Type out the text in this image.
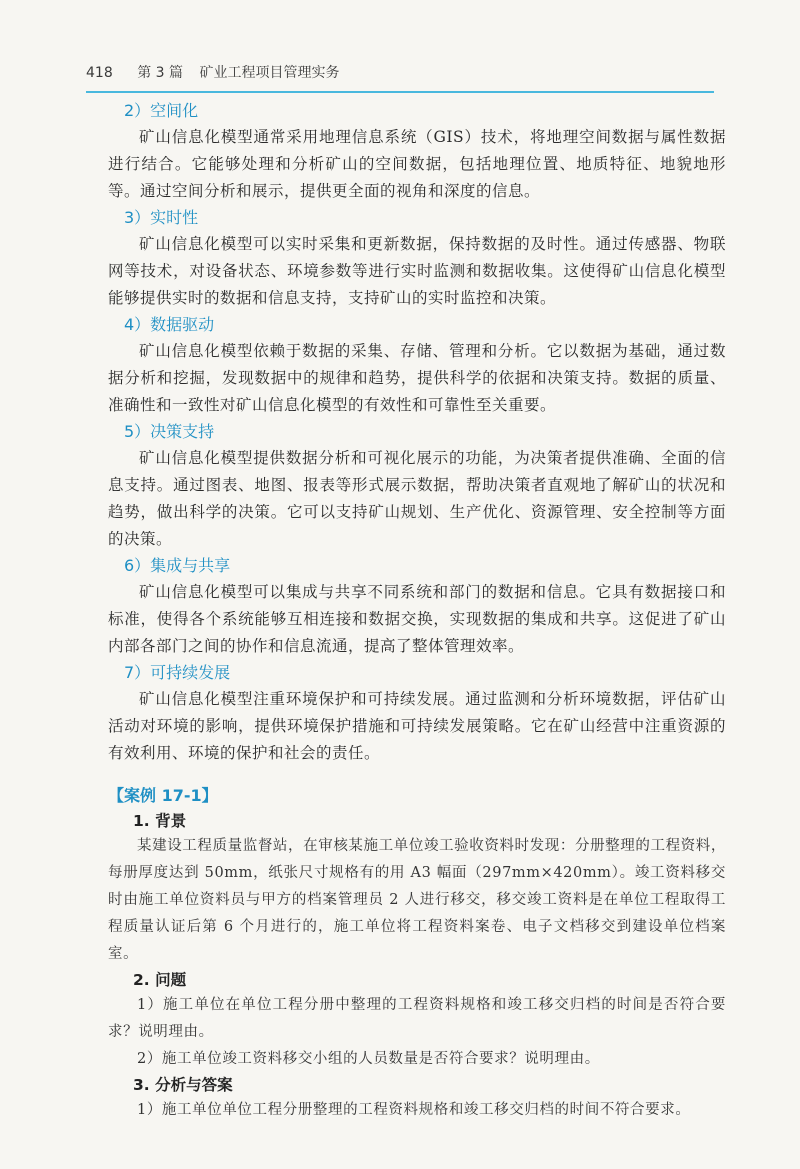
418 第 3 篇 矿业工程项目管理实务
2）空间化

矿山信息化模型通常采用地理信息系统（GIS）技术，将地理空间数据与属性数据进行结合。它能够处理和分析矿山的空间数据，包括地理位置、地质特征、地貌地形等。通过空间分析和展示，提供更全面的视角和深度的信息。

3）实时性

矿山信息化模型可以实时采集和更新数据，保持数据的及时性。通过传感器、物联网等技术，对设备状态、环境参数等进行实时监测和数据收集。这使得矿山信息化模型能够提供实时的数据和信息支持，支持矿山的实时监控和决策。

4）数据驱动

矿山信息化模型依赖于数据的采集、存储、管理和分析。它以数据为基础，通过数据分析和挖掘，发现数据中的规律和趋势，提供科学的依据和决策支持。数据的质量、准确性和一致性对矿山信息化模型的有效性和可靠性至关重要。

5）决策支持

矿山信息化模型提供数据分析和可视化展示的功能，为决策者提供准确、全面的信息支持。通过图表、地图、报表等形式展示数据，帮助决策者直观地了解矿山的状况和趋势，做出科学的决策。它可以支持矿山规划、生产优化、资源管理、安全控制等方面的决策。

6）集成与共享

矿山信息化模型可以集成与共享不同系统和部门的数据和信息。它具有数据接口和标准，使得各个系统能够互相连接和数据交换，实现数据的集成和共享。这促进了矿山内部各部门之间的协作和信息流通，提高了整体管理效率。

7）可持续发展

矿山信息化模型注重环境保护和可持续发展。通过监测和分析环境数据，评估矿山活动对环境的影响，提供环境保护措施和可持续发展策略。它在矿山经营中注重资源的有效利用、环境的保护和社会的责任。

【案例 17-1】
1. 背景

某建设工程质量监督站，在审核某施工单位竣工验收资料时发现：分册整理的工程资料，每册厚度达到 50mm，纸张尺寸规格有的用 A3 幅面（297mm×420mm）。竣工资料移交时由施工单位资料员与甲方的档案管理员 2 人进行移交，移交竣工资料是在单位工程取得工程质量认证后第 6 个月进行的，施工单位将工程资料案卷、电子文档移交到建设单位档案室。

2. 问题

1）施工单位在单位工程分册中整理的工程资料规格和竣工移交归档的时间是否符合要求？说明理由。

2）施工单位竣工资料移交小组的人员数量是否符合要求？说明理由。

3. 分析与答案

1）施工单位单位工程分册整理的工程资料规格和竣工移交归档的时间不符合要求。
